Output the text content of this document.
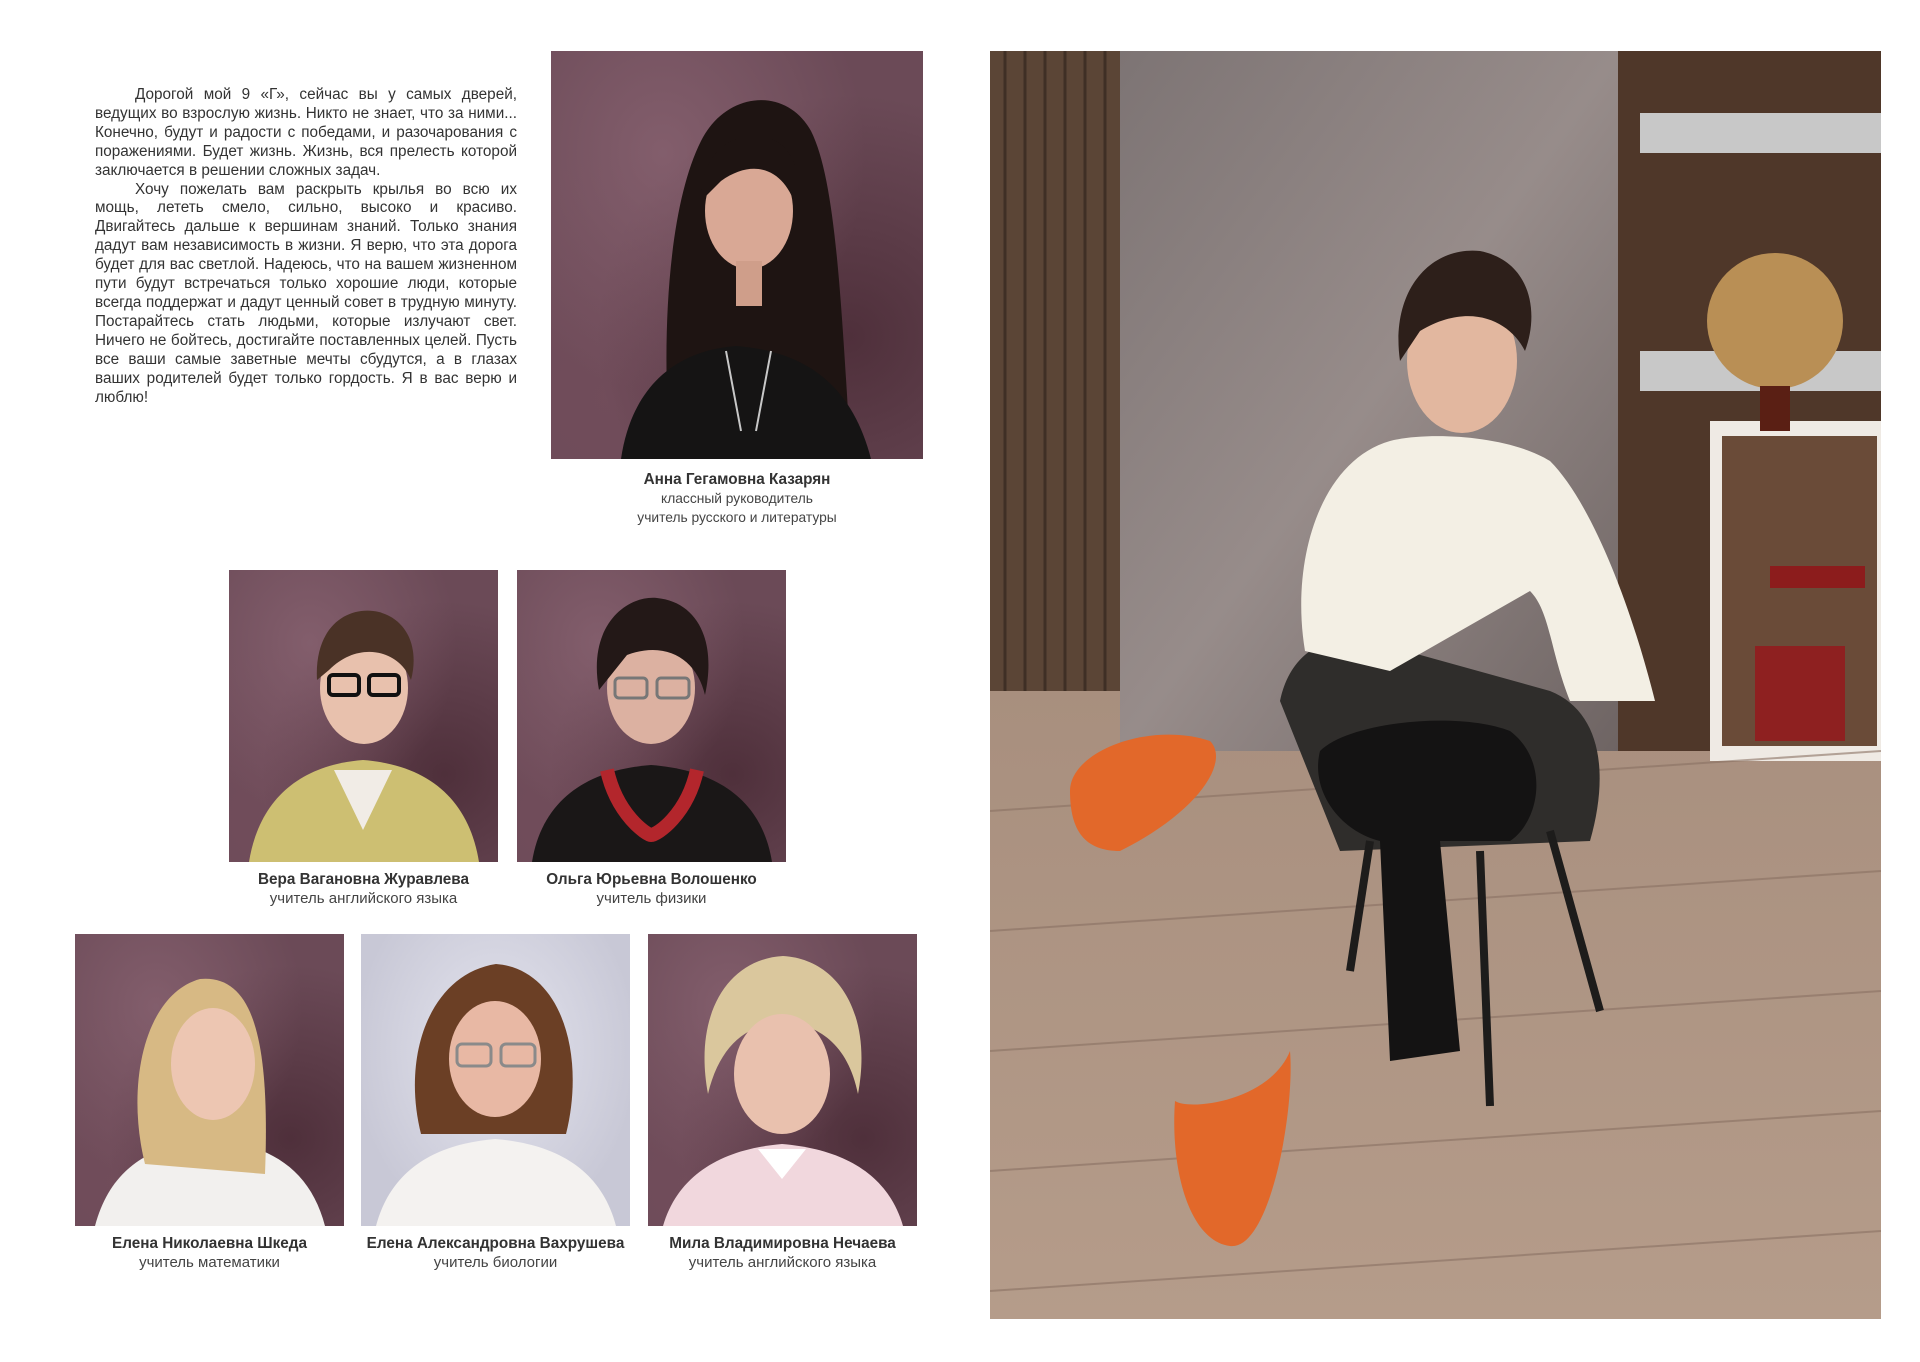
Дорогой мой 9 «Г», сейчас вы у самых дверей, ведущих во взрослую жизнь. Никто не знает, что за ними... Конечно, будут и радости с победами, и разочарования с поражениями. Будет жизнь. Жизнь, вся прелесть которой заключается в решении сложных задач.

Хочу пожелать вам раскрыть крылья во всю их мощь, лететь смело, сильно, высоко и красиво. Двигайтесь дальше к вершинам знаний. Только знания дадут вам независимость в жизни. Я верю, что эта дорога будет для вас светлой. Надеюсь, что на вашем жизненном пути будут встречаться только хорошие люди, которые всегда поддержат и дадут ценный совет в трудную минуту. Постарайтесь стать людьми, которые излучают свет. Ничего не бойтесь, достигайте поставленных целей. Пусть все ваши самые заветные мечты сбудутся, а в глазах ваших родителей будет только гордость. Я в вас верю и люблю!

Анна Гегамовна Казарян
классный руководитель
учитель русского и литературы
Вера Вагановна Журавлева
учитель английского языка
Ольга Юрьевна Волошенко
учитель физики
Елена Николаевна Шкеда
учитель математики
Елена Александровна Вахрушева
учитель биологии
Мила Владимировна Нечаева
учитель английского языка
